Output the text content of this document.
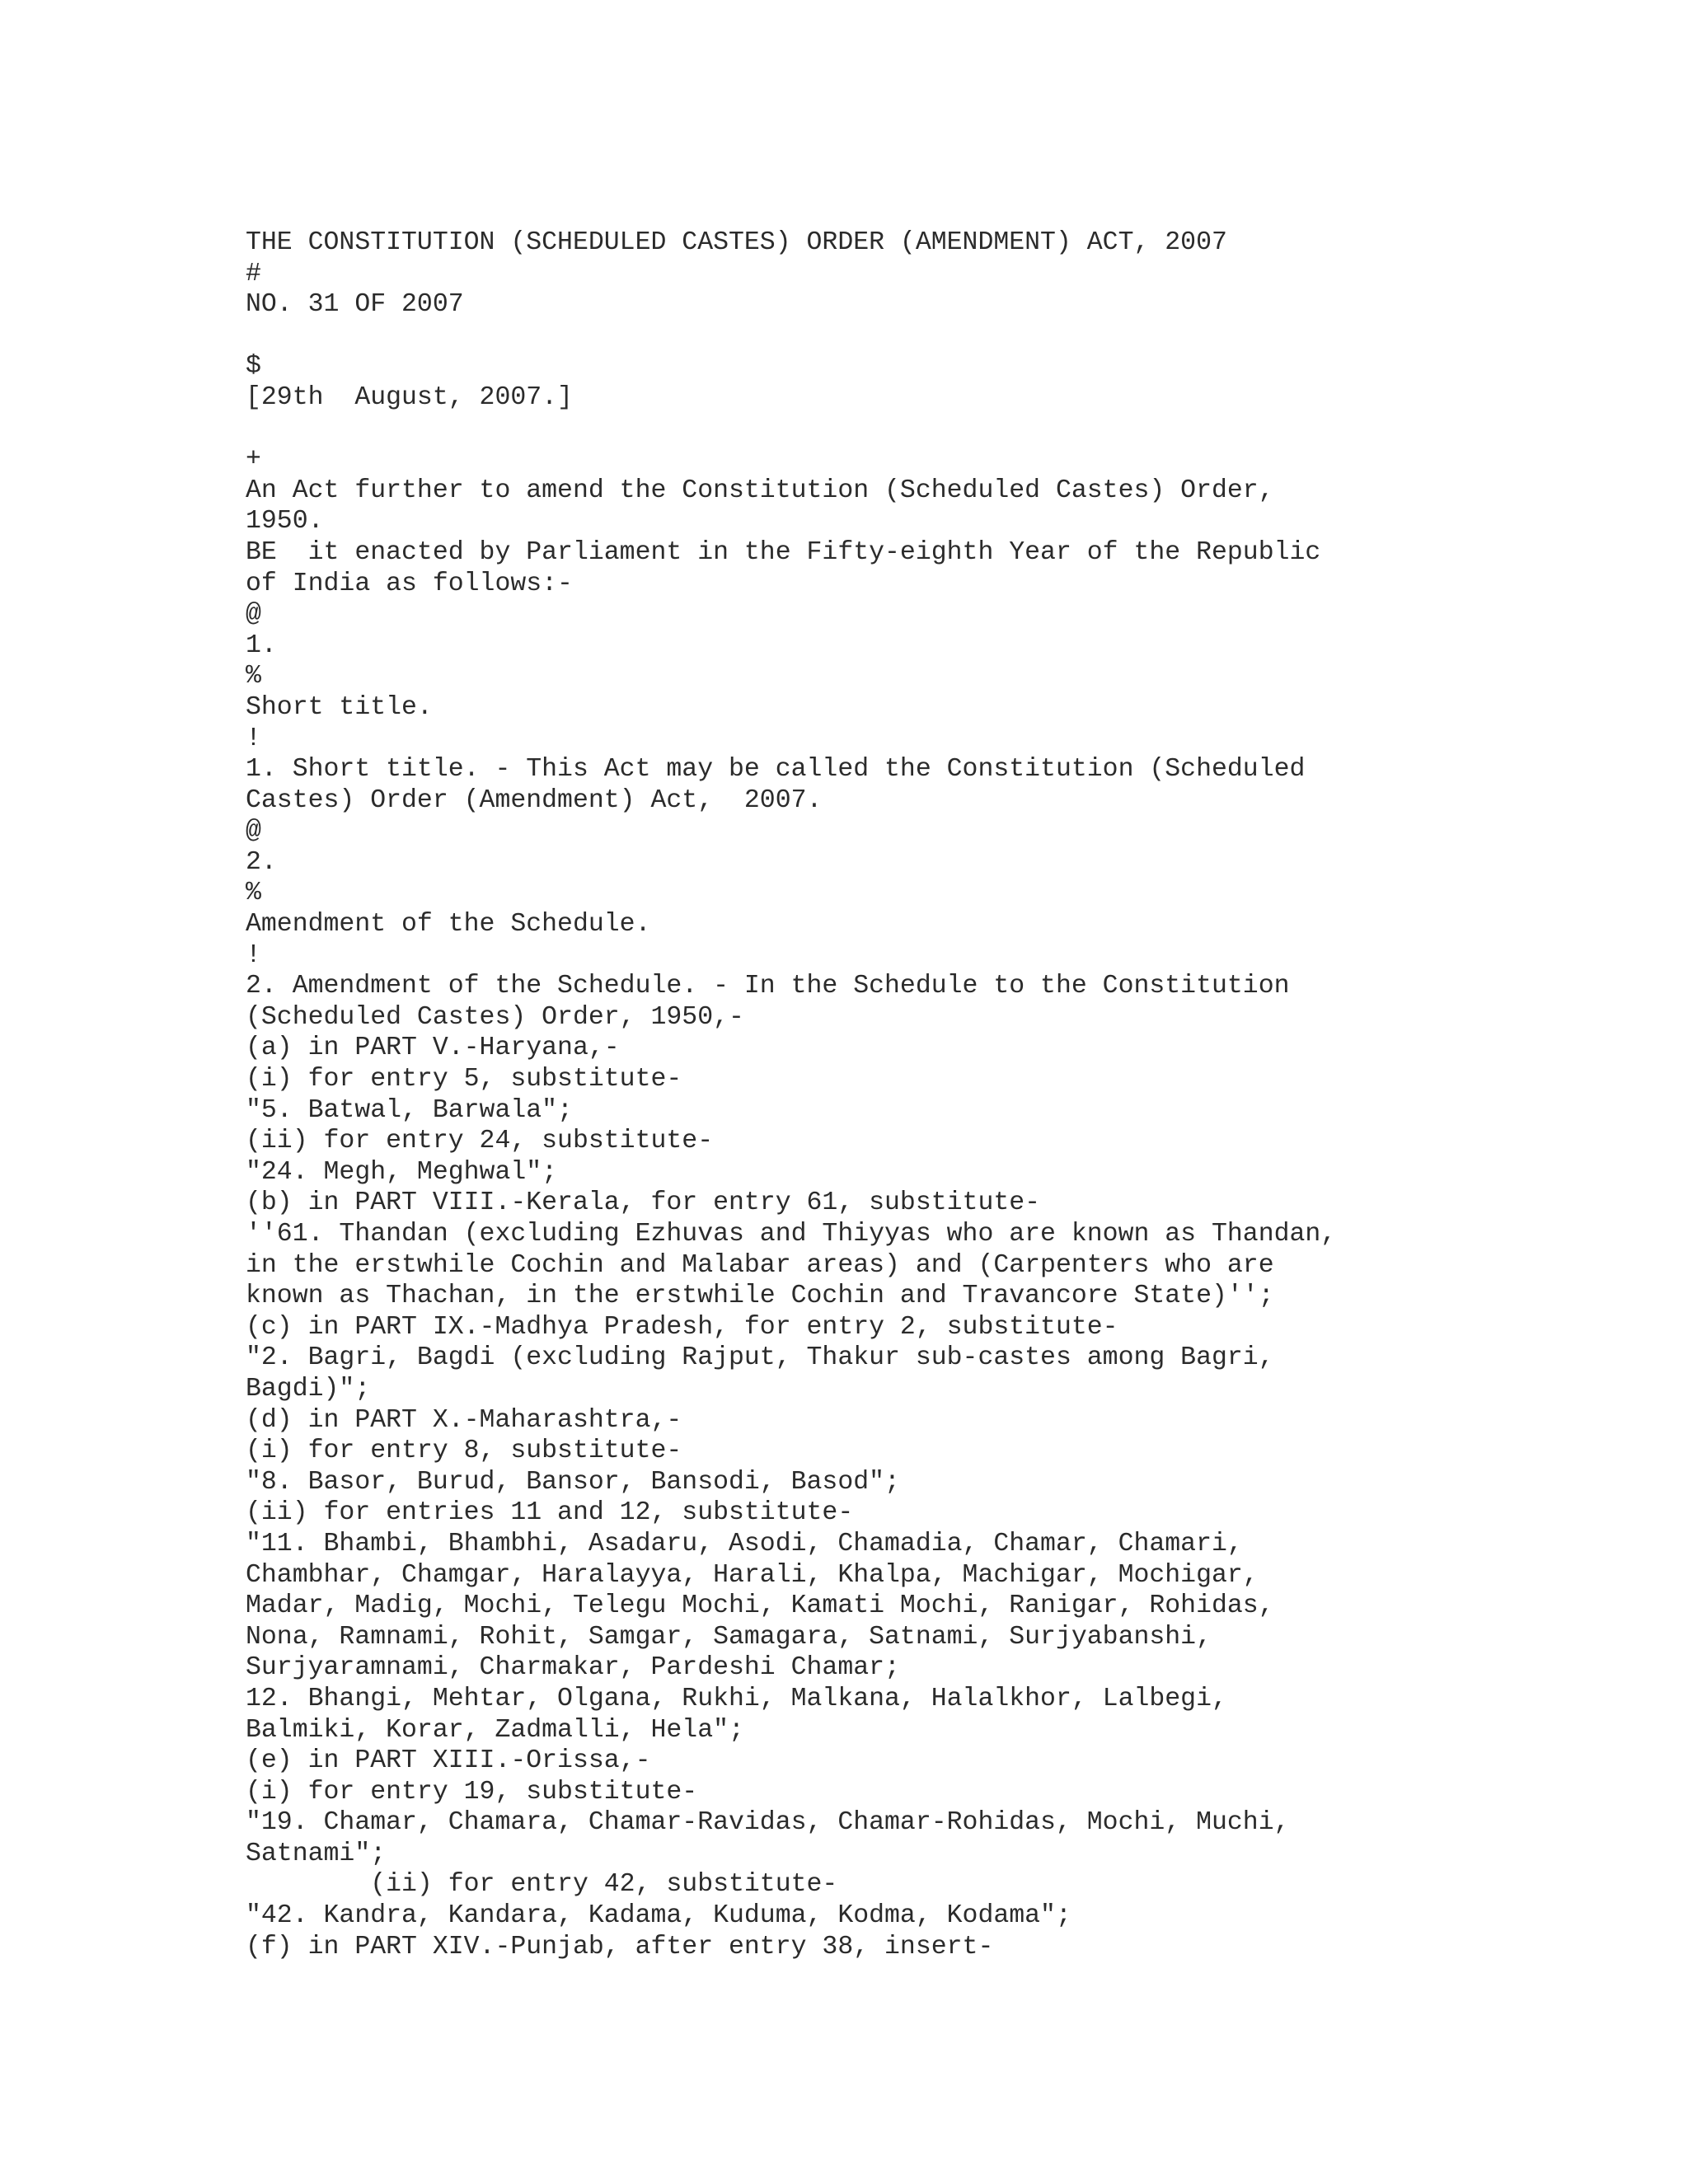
THE CONSTITUTION (SCHEDULED CASTES) ORDER (AMENDMENT) ACT, 2007
#
NO. 31 OF 2007
$
[29th  August, 2007.]
+
An Act further to amend the Constitution (Scheduled Castes) Order,
1950.
BE  it enacted by Parliament in the Fifty-eighth Year of the Republic
of India as follows:-
@
1.
%
Short title.
!
1. Short title. - This Act may be called the Constitution (Scheduled
Castes) Order (Amendment) Act,  2007.
@
2.
%
Amendment of the Schedule.
!
2. Amendment of the Schedule. - In the Schedule to the Constitution
(Scheduled Castes) Order, 1950,-
(a) in PART V.-Haryana,-
(i) for entry 5, substitute-
"5. Batwal, Barwala";
(ii) for entry 24, substitute-
"24. Megh, Meghwal";
(b) in PART VIII.-Kerala, for entry 61, substitute-
''61. Thandan (excluding Ezhuvas and Thiyyas who are known as Thandan,
in the erstwhile Cochin and Malabar areas) and (Carpenters who are
known as Thachan, in the erstwhile Cochin and Travancore State)'';
(c) in PART IX.-Madhya Pradesh, for entry 2, substitute-
"2. Bagri, Bagdi (excluding Rajput, Thakur sub-castes among Bagri,
Bagdi)";
(d) in PART X.-Maharashtra,-
(i) for entry 8, substitute-
"8. Basor, Burud, Bansor, Bansodi, Basod";
(ii) for entries 11 and 12, substitute-
"11. Bhambi, Bhambhi, Asadaru, Asodi, Chamadia, Chamar, Chamari,
Chambhar, Chamgar, Haralayya, Harali, Khalpa, Machigar, Mochigar,
Madar, Madig, Mochi, Telegu Mochi, Kamati Mochi, Ranigar, Rohidas,
Nona, Ramnami, Rohit, Samgar, Samagara, Satnami, Surjyabanshi,
Surjyaramnami, Charmakar, Pardeshi Chamar;
12. Bhangi, Mehtar, Olgana, Rukhi, Malkana, Halalkhor, Lalbegi,
Balmiki, Korar, Zadmalli, Hela";
(e) in PART XIII.-Orissa,-
(i) for entry 19, substitute-
"19. Chamar, Chamara, Chamar-Ravidas, Chamar-Rohidas, Mochi, Muchi,
Satnami";
(ii) for entry 42, substitute-
"42. Kandra, Kandara, Kadama, Kuduma, Kodma, Kodama";
(f) in PART XIV.-Punjab, after entry 38, insert-
